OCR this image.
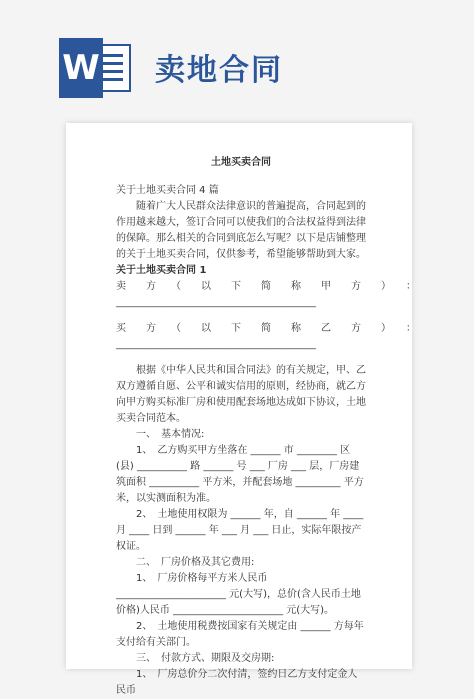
W 卖地合同
土地买卖合同

关于土地买卖合同 4 篇

随着广大人民群众法律意识的普遍提高，合同起到的作用越来越大，签订合同可以使我们的合法权益得到法律的保障。那么相关的合同到底怎么写呢？以下是店铺整理的关于土地买卖合同，仅供参考，希望能够帮助到大家。

关于土地买卖合同 1

卖　方　（　以　下　简　称　甲　方　）　：

________________________________________

买　方　（　以　下　简　称　乙　方　）　：

________________________________________

根据《中华人民共和国合同法》的有关规定，甲、乙双方遵循自愿、公平和诚实信用的原则，经协商，就乙方向甲方购买标准厂房和使用配套场地达成如下协议，土地买卖合同范本。

一、　基本情况:

1、　乙方购买甲方坐落在 ______ 市 ________ 区(县) __________ 路 ______ 号 ___ 厂房 ___ 层，厂房建筑面积 __________ 平方米，并配套场地 _________ 平方米，以实测面积为准。

2、　土地使用权限为 ______ 年，自 ______ 年 ____ 月 ____ 日到 ______ 年 ___ 月 ___ 日止，实际年限按产权证。

二、　厂房价格及其它费用:

1、　厂房价格每平方米人民币 ______________________ 元(大写)，总价(含人民币土地价格)人民币 ______________________ 元(大写)。

2、　土地使用税费按国家有关规定由 ______ 方每年支付给有关部门。

三、　付款方式、期限及交房期:

1、　厂房总价分二次付清，签约日乙方支付定金人民币
